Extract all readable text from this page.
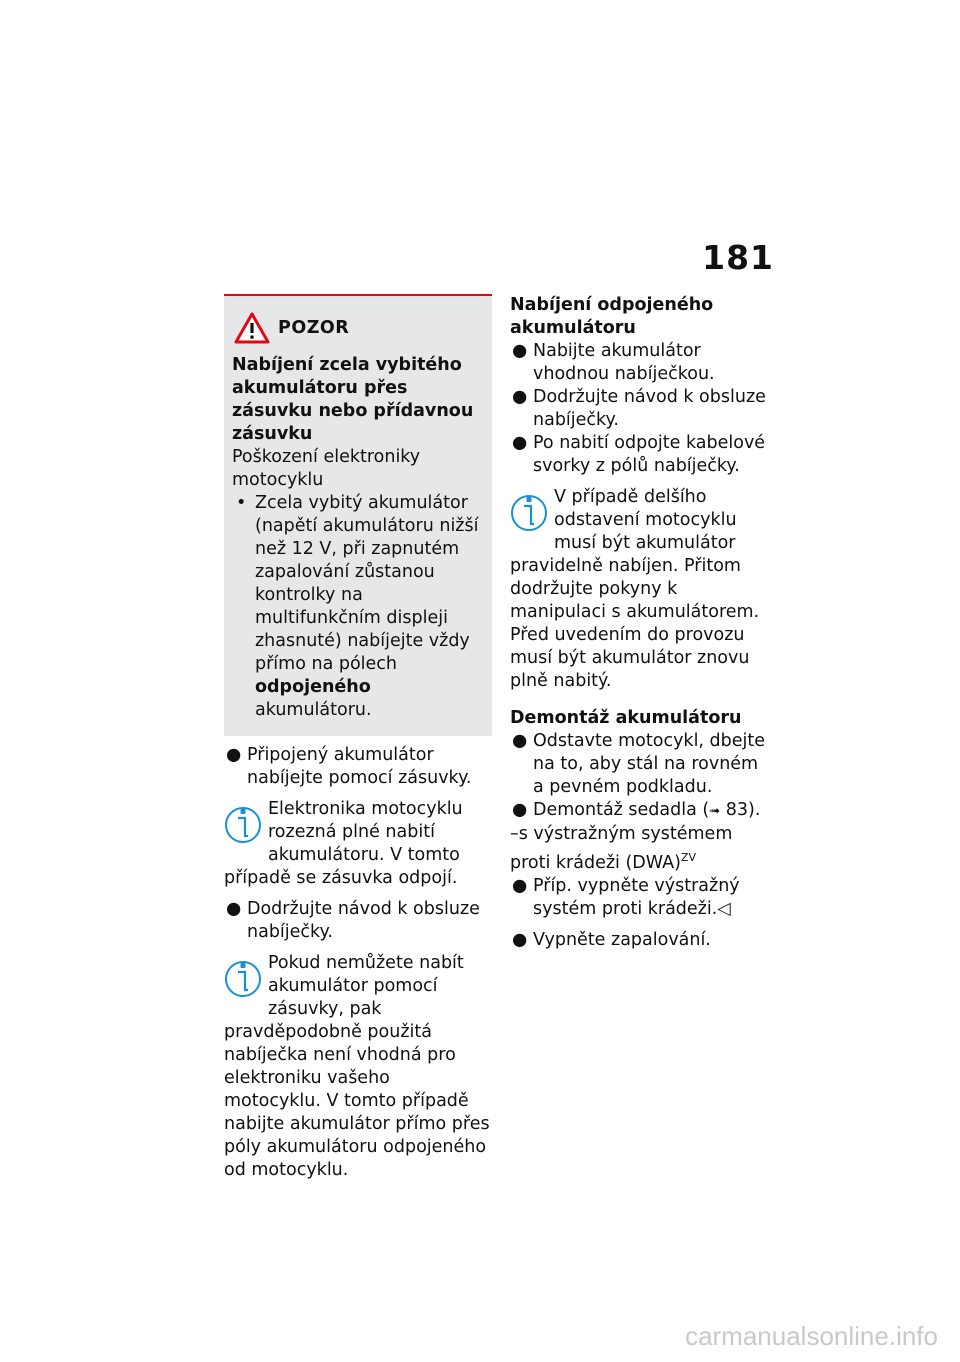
181
POZOR

Nabíjení zcela vybitého akumulátoru přes zásuvku nebo přídavnou zásuvku

Poškození elektroniky motocyklu

• Zcela vybitý akumulátor (napětí akumulátoru nižší než 12 V, při zapnutém zapalování zůstanou kontrolky na multifunkčním displeji zhasnuté) nabíjejte vždy přímo na pólech odpojeného akumulátoru.
● Připojený akumulátor nabíjejte pomocí zásuvky.
Elektronika motocyklu rozezná plné nabití akumulátoru. V tomto případě se zásuvka odpojí.
● Dodržujte návod k obsluze nabíječky.
Pokud nemůžete nabít akumulátor pomocí zásuvky, pak pravděpodobně použitá nabíječka není vhodná pro elektroniku vašeho motocyklu. V tomto případě nabijte akumulátor přímo přes póly akumulátoru odpojeného od motocyklu.

Nabíjení odpojeného akumulátoru

● Nabijte akumulátor vhodnou nabíječkou.
● Dodržujte návod k obsluze nabíječky.
● Po nabití odpojte kabelové svorky z pólů nabíječky.
V případě delšího odstavení motocyklu musí být akumulátor pravidelně nabíjen. Přitom dodržujte pokyny k manipulaci s akumulátorem. Před uvedením do provozu musí být akumulátor znovu plně nabitý.

Demontáž akumulátoru

● Odstavte motocykl, dbejte na to, aby stál na rovném a pevném podkladu.
● Demontáž sedadla (➟ 83).

–s výstražným systémem proti krádeži (DWA)$^{ZV}$

● Příp. vypněte výstražný systém proti krádeži.◁
● Vypněte zapalování.
carmanualsonline.info
